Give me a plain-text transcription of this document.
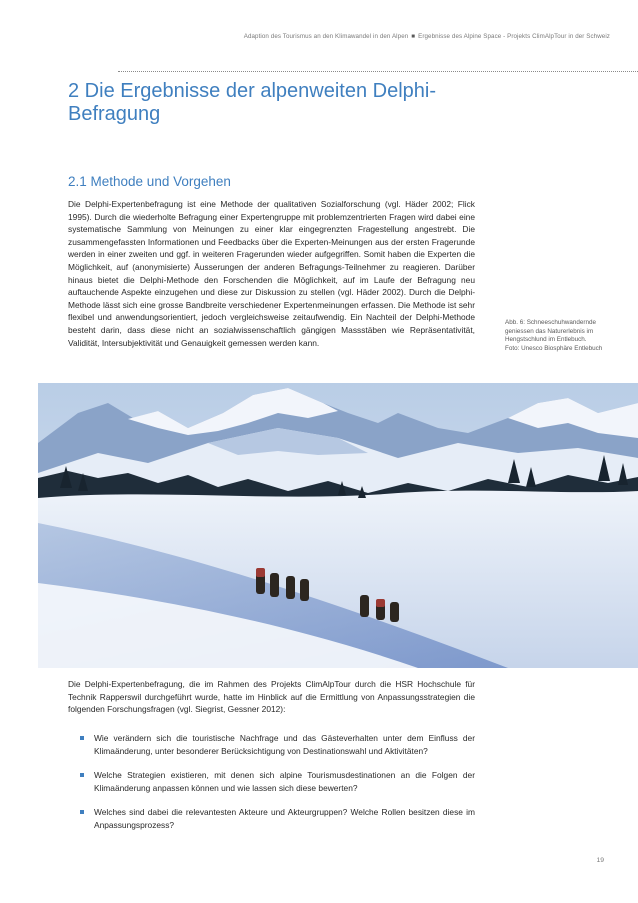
Adaption des Tourismus an den Klimawandel in den Alpen ■ Ergebnisse des Alpine Space - Projekts ClimAlpTour in der Schweiz
2 Die Ergebnisse der alpenweiten Delphi-Befragung
2.1 Methode und Vorgehen

Die Delphi-Expertenbefragung ist eine Methode der qualitativen Sozialforschung (vgl. Häder 2002; Flick 1995). Durch die wiederholte Befragung einer Expertengruppe mit problemzentrierten Fragen wird dabei eine systematische Sammlung von Meinungen zu einer klar eingegrenzten Fragestellung angestrebt. Die zusammengefassten Informationen und Feedbacks über die Experten-Meinungen aus der ersten Fragerunde werden in einer zweiten und ggf. in weiteren Fragerunden wieder aufgegriffen. Somit haben die Experten die Möglichkeit, auf (anonymisierte) Äusserungen der anderen Befragungs-Teilnehmer zu reagieren. Darüber hinaus bietet die Delphi-Methode den Forschenden die Möglichkeit, auf im Laufe der Befragung neu auftauchende Aspekte einzugehen und diese zur Diskussion zu stellen (vgl. Häder 2002). Durch die Delphi-Methode lässt sich eine grosse Bandbreite verschiedener Expertenmeinungen erfassen. Die Methode ist sehr flexibel und anwendungsorientiert, jedoch vergleichsweise zeitaufwendig. Ein Nachteil der Delphi-Methode besteht darin, dass diese nicht an sozialwissenschaftlich gängigen Massstäben wie Repräsentativität, Validität, Intersubjektivität und Genauigkeit gemessen werden kann.

Abb. 6: Schneeschuhwandernde geniessen das Naturerlebnis im Hengstschlund im Entlebuch.
Foto: Unesco Biosphäre Entlebuch

Die Delphi-Expertenbefragung, die im Rahmen des Projekts ClimAlpTour durch die HSR Hochschule für Technik Rapperswil durchgeführt wurde, hatte im Hinblick auf die Ermittlung von Anpassungsstrategien die folgenden Forschungsfragen (vgl. Siegrist, Gessner 2012):

Wie verändern sich die touristische Nachfrage und das Gästeverhalten unter dem Einfluss der Klimaänderung, unter besonderer Berücksichtigung von Destinationswahl und Aktivitäten?
Welche Strategien existieren, mit denen sich alpine Tourismusdestinationen an die Folgen der Klimaänderung anpassen können und wie lassen sich diese bewerten?
Welches sind dabei die relevantesten Akteure und Akteurgruppen? Welche Rollen besitzen diese im Anpassungsprozess?
19
